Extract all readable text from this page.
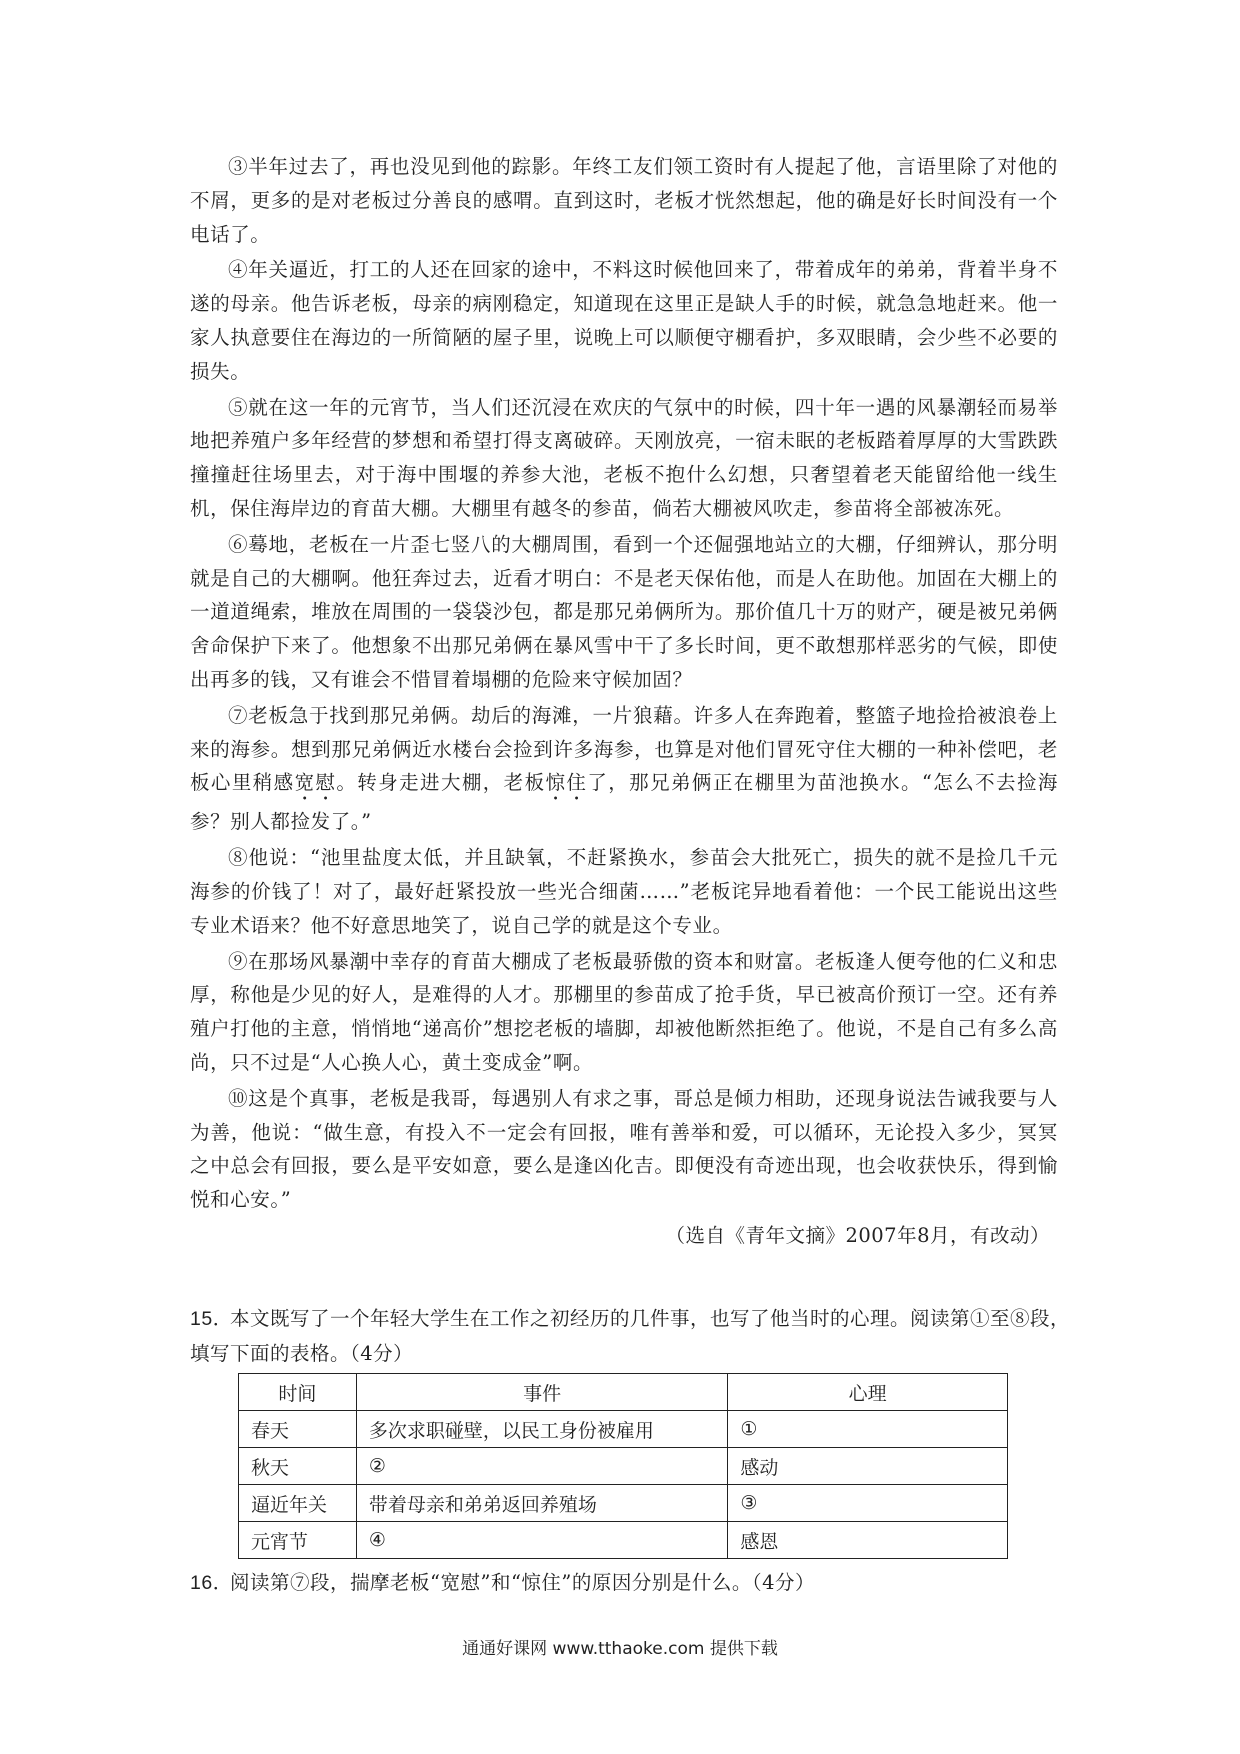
③半年过去了，再也没见到他的踪影。年终工友们领工资时有人提起了他，言语里除了对他的不屑，更多的是对老板过分善良的感喟。直到这时，老板才恍然想起，他的确是好长时间没有一个电话了。

④年关逼近，打工的人还在回家的途中，不料这时候他回来了，带着成年的弟弟，背着半身不遂的母亲。他告诉老板，母亲的病刚稳定，知道现在这里正是缺人手的时候，就急急地赶来。他一家人执意要住在海边的一所简陋的屋子里，说晚上可以顺便守棚看护，多双眼睛，会少些不必要的损失。

⑤就在这一年的元宵节，当人们还沉浸在欢庆的气氛中的时候，四十年一遇的风暴潮轻而易举地把养殖户多年经营的梦想和希望打得支离破碎。天刚放亮，一宿未眠的老板踏着厚厚的大雪跌跌撞撞赶往场里去，对于海中围堰的养参大池，老板不抱什么幻想，只奢望着老天能留给他一线生机，保住海岸边的育苗大棚。大棚里有越冬的参苗，倘若大棚被风吹走，参苗将全部被冻死。

⑥蓦地，老板在一片歪七竖八的大棚周围，看到一个还倔强地站立的大棚，仔细辨认，那分明就是自己的大棚啊。他狂奔过去，近看才明白：不是老天保佑他，而是人在助他。加固在大棚上的一道道绳索，堆放在周围的一袋袋沙包，都是那兄弟俩所为。那价值几十万的财产，硬是被兄弟俩舍命保护下来了。他想象不出那兄弟俩在暴风雪中干了多长时间，更不敢想那样恶劣的气候，即使出再多的钱，又有谁会不惜冒着塌棚的危险来守候加固？

⑦老板急于找到那兄弟俩。劫后的海滩，一片狼藉。许多人在奔跑着，整篮子地捡拾被浪卷上来的海参。想到那兄弟俩近水楼台会捡到许多海参，也算是对他们冒死守住大棚的一种补偿吧，老板心里稍感宽慰。转身走进大棚，老板惊住了，那兄弟俩正在棚里为苗池换水。“怎么不去捡海参？别人都捡发了。”

⑧他说：“池里盐度太低，并且缺氧，不赶紧换水，参苗会大批死亡，损失的就不是捡几千元海参的价钱了！对了，最好赶紧投放一些光合细菌……”老板诧异地看着他：一个民工能说出这些专业术语来？他不好意思地笑了，说自己学的就是这个专业。

⑨在那场风暴潮中幸存的育苗大棚成了老板最骄傲的资本和财富。老板逢人便夸他的仁义和忠厚，称他是少见的好人，是难得的人才。那棚里的参苗成了抢手货，早已被高价预订一空。还有养殖户打他的主意，悄悄地“递高价”想挖老板的墙脚，却被他断然拒绝了。他说，不是自己有多么高尚，只不过是“人心换人心，黄土变成金”啊。

⑩这是个真事，老板是我哥，每遇别人有求之事，哥总是倾力相助，还现身说法告诫我要与人为善，他说：“做生意，有投入不一定会有回报，唯有善举和爱，可以循环，无论投入多少，冥冥之中总会有回报，要么是平安如意，要么是逢凶化吉。即便没有奇迹出现，也会收获快乐，得到愉悦和心安。”

（选自《青年文摘》2007年8月，有改动）

15．本文既写了一个年轻大学生在工作之初经历的几件事，也写了他当时的心理。阅读第①至⑧段，填写下面的表格。（4分）
时间	事件	心理
春天	多次求职碰壁，以民工身份被雇用	①
秋天	②	感动
逼近年关	带着母亲和弟弟返回养殖场	③
元宵节	④	感恩
16．阅读第⑦段，揣摩老板“宽慰”和“惊住”的原因分别是什么。（4分）
通通好课网 www.tthaoke.com 提供下载
